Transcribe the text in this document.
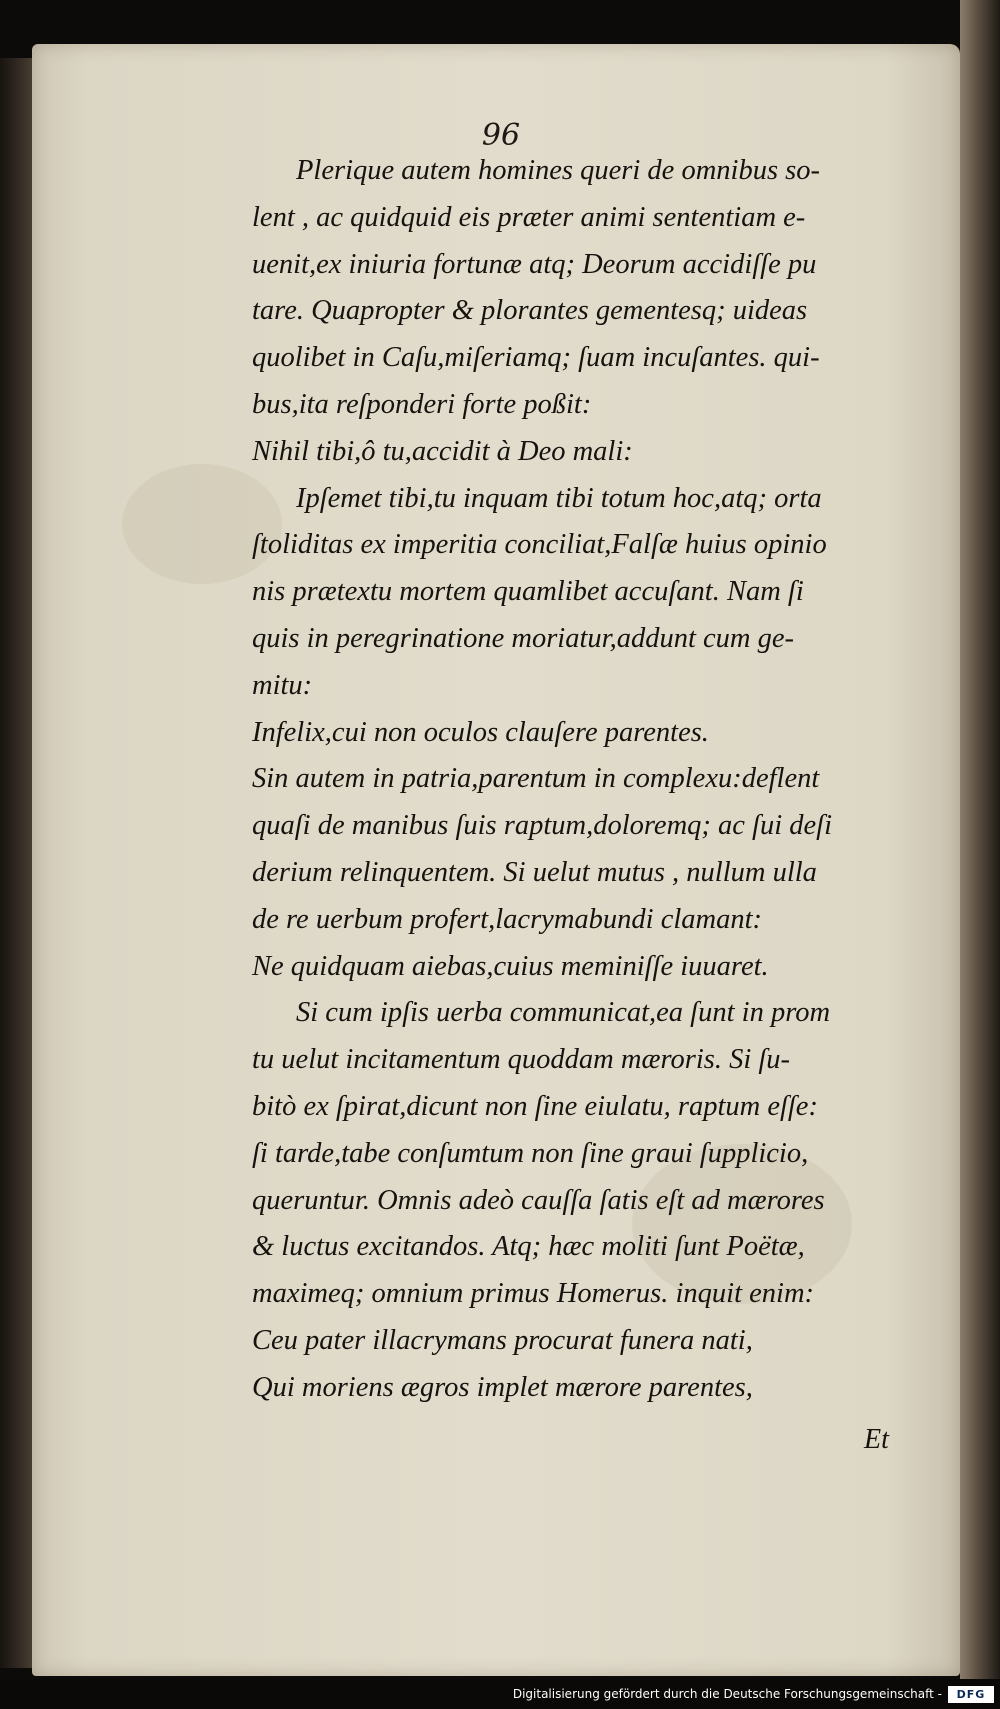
96
Et
Plerique autem homines queri de omnibus so-
lent , ac quidquid eis præter animi sententiam e-
uenit,ex iniuria fortunæ atq; Deorum accidiſſe pu
tare. Quapropter & plorantes gementesq; uideas
quolibet in Caſu,miſeriamq; ſuam incuſantes. qui-
bus,ita reſponderi forte poßit:
Nihil tibi,ô tu,accidit à Deo mali:
Ipſemet tibi,tu inquam tibi totum hoc,atq; orta
ſtoliditas ex imperitia conciliat,Falſæ huius opinio
nis prætextu mortem quamlibet accuſant. Nam ſi
quis in peregrinatione moriatur,addunt cum ge-
mitu:
Infelix,cui non oculos clauſere parentes.
Sin autem in patria,parentum in complexu:deflent
quaſi de manibus ſuis raptum,doloremq; ac ſui deſi
derium relinquentem. Si uelut mutus , nullum ulla
de re uerbum profert,lacrymabundi clamant:
Ne quidquam aiebas,cuius meminiſſe iuuaret.
Si cum ipſis uerba communicat,ea ſunt in prom
tu uelut incitamentum quoddam mæroris. Si ſu-
bitò ex ſpirat,dicunt non ſine eiulatu, raptum eſſe:
ſi tarde,tabe conſumtum non ſine graui ſupplicio,
queruntur. Omnis adeò cauſſa ſatis eſt ad mærores
& luctus excitandos. Atq; hæc moliti ſunt Poëtæ,
maximeq; omnium primus Homerus. inquit enim:
Ceu pater illacrymans procurat funera nati,
Qui moriens ægros implet mærore parentes,
Digitalisierung gefördert durch die Deutsche Forschungsgemeinschaft -	DFG
